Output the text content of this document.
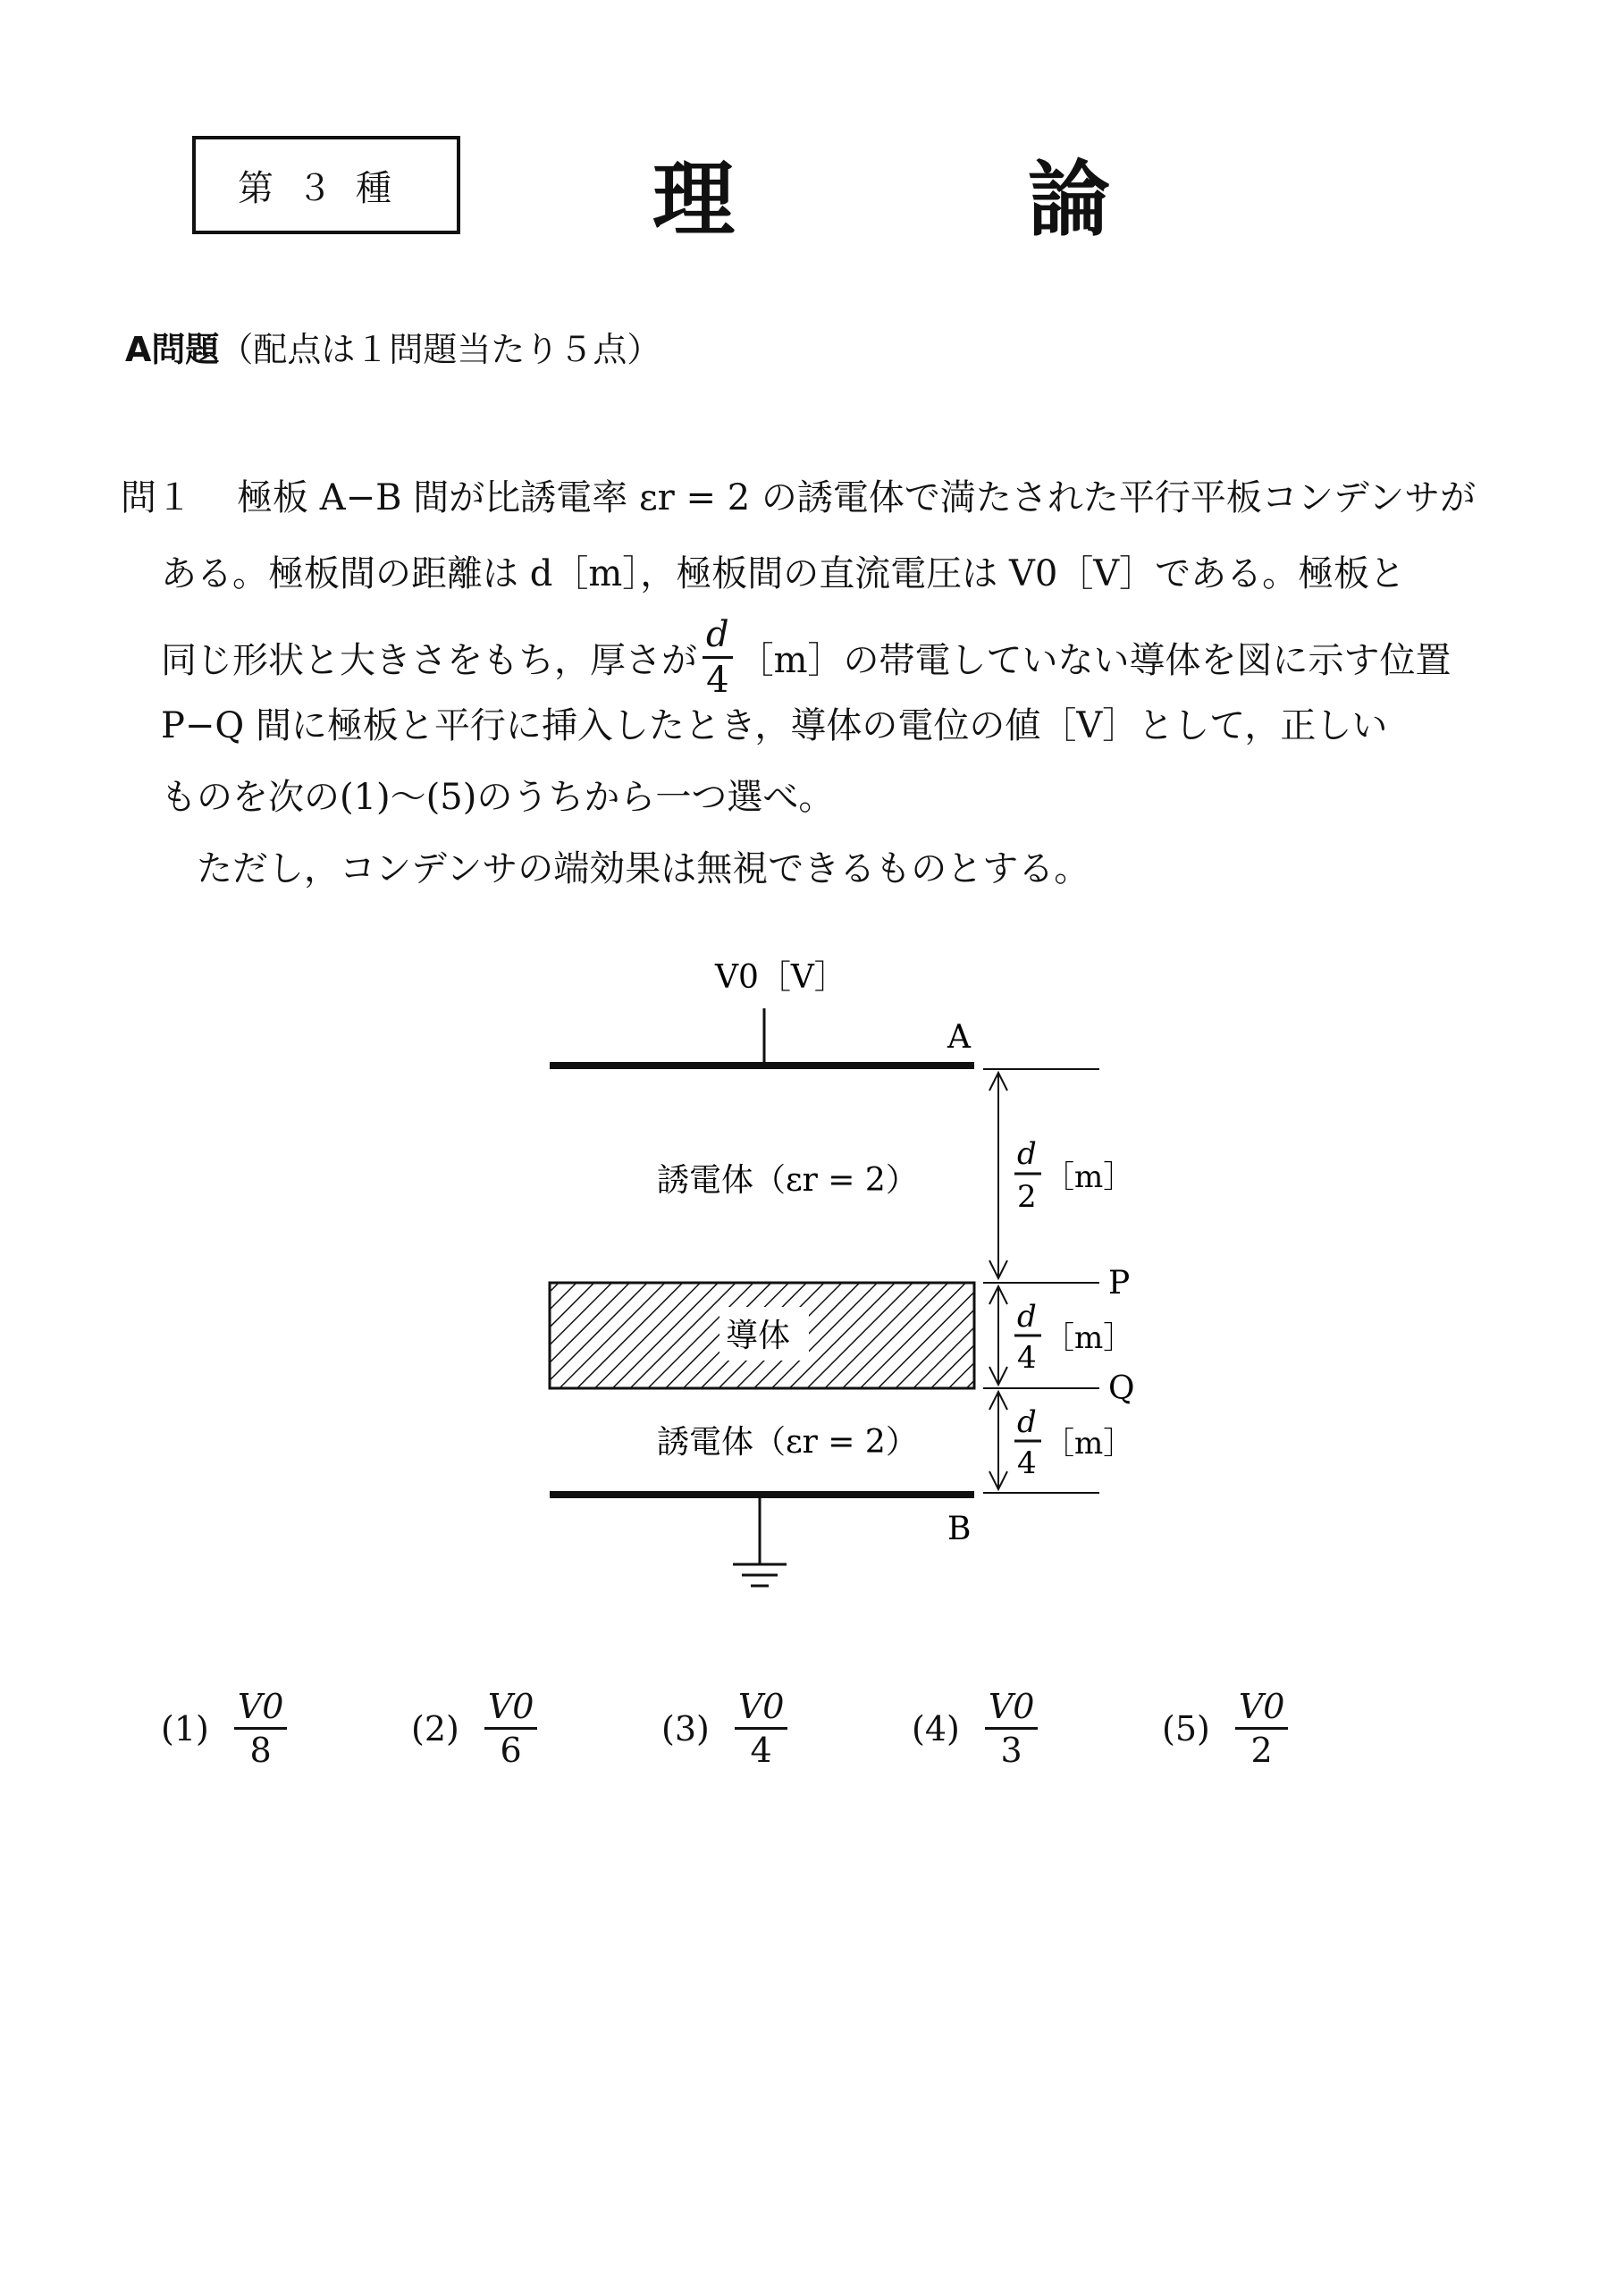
第３種	理	論
A問題（配点は１問題当たり５点）
問１ 極板 A−B 間が比誘電率 εr = 2 の誘電体で満たされた平行平板コンデンサが
ある。極板間の距離は d［m］，極板間の直流電圧は V0［V］である。極板と
同じ形状と大きさをもち，厚さが $\frac{d}{4}$ ［m］の帯電していない導体を図に示す位置
P−Q 間に極板と平行に挿入したとき，導体の電位の値［V］として，正しい
ものを次の(1)〜(5)のうちから一つ選べ。
ただし，コンデンサの端効果は無視できるものとする。
V0［V］
A
B
P
Q
誘電体（εr = 2）
誘電体（εr = 2）
導体
d
2
［m］
d
4
［m］
d
4
［m］
$(1) \frac{V0}{8}$	$(2) \frac{V0}{6}$	$(3) \frac{V0}{4}$	$(4) \frac{V0}{3}$	$(5) \frac{V0}{2}$
